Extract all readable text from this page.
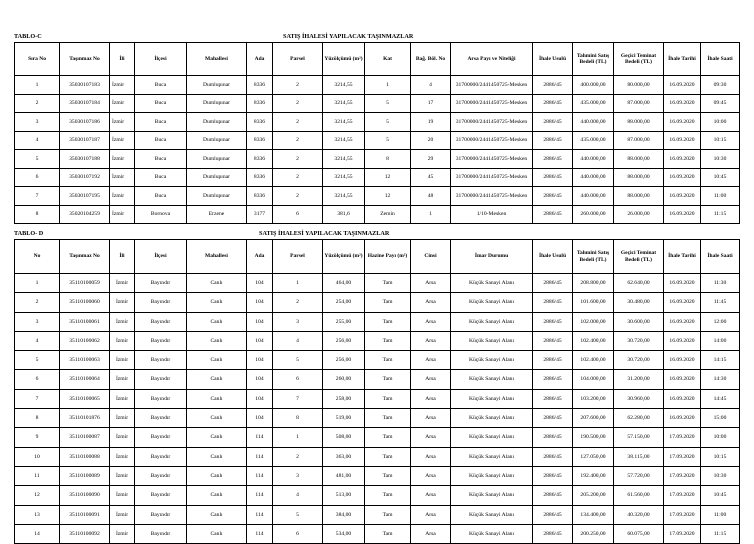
TABLO-C	SATIŞ İHALESİ YAPILACAK TAŞINMAZLAR
Sıra No	Taşınmaz No	İli	İlçesi	Mahallesi	Ada	Parsel	Yüzölçümü (m²)	Kat	Bağ. Böl. No	Arsa Payı ve Niteliği	İhale Usulü	Tahmini Satış Bedeli (TL)	Geçici Teminat Bedeli (TL)	İhale Tarihi	İhale Saati
1	35030107183	İzmir	Buca	Dumlupınar	8336	2	3214,55	1	4	31700000/2441450725-Mesken	2886/45	400.000,00	80.000,00	16.09.2020	09:30
2	35030107184	İzmir	Buca	Dumlupınar	8336	2	3214,55	5	17	31700000/2441450725-Mesken	2886/45	435.000,00	87.000,00	16.09.2020	09:45
3	35030107186	İzmir	Buca	Dumlupınar	8336	2	3214,55	5	19	31700000/2441450725-Mesken	2886/45	440.000,00	88.000,00	16.09.2020	10:00
4	35030107187	İzmir	Buca	Dumlupınar	8336	2	3214,55	5	20	31700000/2441450725-Mesken	2886/45	435.000,00	87.000,00	16.09.2020	10:15
5	35030107188	İzmir	Buca	Dumlupınar	8336	2	3214,55	8	29	31700000/2441450725-Mesken	2886/45	440.000,00	88.000,00	16.09.2020	10:30
6	35030107192	İzmir	Buca	Dumlupınar	8336	2	3214,55	12	45	31700000/2441450725-Mesken	2886/45	440.000,00	88.000,00	16.09.2020	10:45
7	35030107195	İzmir	Buca	Dumlupınar	8336	2	3214,55	12	48	31700000/2441450725-Mesken	2886/45	440.000,00	88.000,00	16.09.2020	11:00
8	35020104259	İzmir	Bornova	Erzene	3177	6	381,6	Zemin	1	1/10-Mesken	2886/45	260.000,00	26.000,00	16.09.2020	11:15
TABLO- D	SATIŞ İHALESİ YAPILACAK TAŞINMAZLAR
No	Taşınmaz No	İli	İlçesi	Mahallesi	Ada	Parsel	Yüzölçümü (m²)	Hazine Payı (m²)	Cinsi	İmar Durumu	İhale Usulü	Tahmini Satış Bedeli (TL)	Geçici Teminat Bedeli (TL)	İhale Tarihi	İhale Saati
1	35110100059	İzmir	Bayındır	Canlı	104	1	464,00	Tam	Arsa	Küçük Sanayi Alanı	2886/45	208.800,00	62.640,00	16.09.2020	11:30
2	35110100060	İzmir	Bayındır	Canlı	104	2	254,00	Tam	Arsa	Küçük Sanayi Alanı	2886/45	101.600,00	30.480,00	16.09.2020	11:45
3	35110100061	İzmir	Bayındır	Canlı	104	3	255,00	Tam	Arsa	Küçük Sanayi Alanı	2886/45	102.000,00	30.600,00	16.09.2020	12:00
4	35110100062	İzmir	Bayındır	Canlı	104	4	256,00	Tam	Arsa	Küçük Sanayi Alanı	2886/45	102.400,00	30.720,00	16.09.2020	14:00
5	35110100063	İzmir	Bayındır	Canlı	104	5	256,00	Tam	Arsa	Küçük Sanayi Alanı	2886/45	102.400,00	30.720,00	16.09.2020	14:15
6	35110100064	İzmir	Bayındır	Canlı	104	6	260,00	Tam	Arsa	Küçük Sanayi Alanı	2886/45	104.000,00	31.200,00	16.09.2020	14:30
7	35110100065	İzmir	Bayındır	Canlı	104	7	258,00	Tam	Arsa	Küçük Sanayi Alanı	2886/45	103.200,00	30.960,00	16.09.2020	14:45
8	35110101876	İzmir	Bayındır	Canlı	104	8	519,00	Tam	Arsa	Küçük Sanayi Alanı	2886/45	207.600,00	62.280,00	16.09.2020	15:00
9	35110100087	İzmir	Bayındır	Canlı	114	1	508,00	Tam	Arsa	Küçük Sanayi Alanı	2886/45	190.500,00	57.150,00	17.09.2020	10:00
10	35110100088	İzmir	Bayındır	Canlı	114	2	363,00	Tam	Arsa	Küçük Sanayi Alanı	2886/45	127.050,00	38.115,00	17.09.2020	10:15
11	35110100089	İzmir	Bayındır	Canlı	114	3	481,00	Tam	Arsa	Küçük Sanayi Alanı	2886/45	192.400,00	57.720,00	17.09.2020	10:30
12	35110100090	İzmir	Bayındır	Canlı	114	4	513,00	Tam	Arsa	Küçük Sanayi Alanı	2886/45	205.200,00	61.560,00	17.09.2020	10:45
13	35110100091	İzmir	Bayındır	Canlı	114	5	384,00	Tam	Arsa	Küçük Sanayi Alanı	2886/45	134.400,00	40.320,00	17.09.2020	11:00
14	35110100092	İzmir	Bayındır	Canlı	114	6	534,00	Tam	Arsa	Küçük Sanayi Alanı	2886/45	200.250,00	60.075,00	17.09.2020	11:15
